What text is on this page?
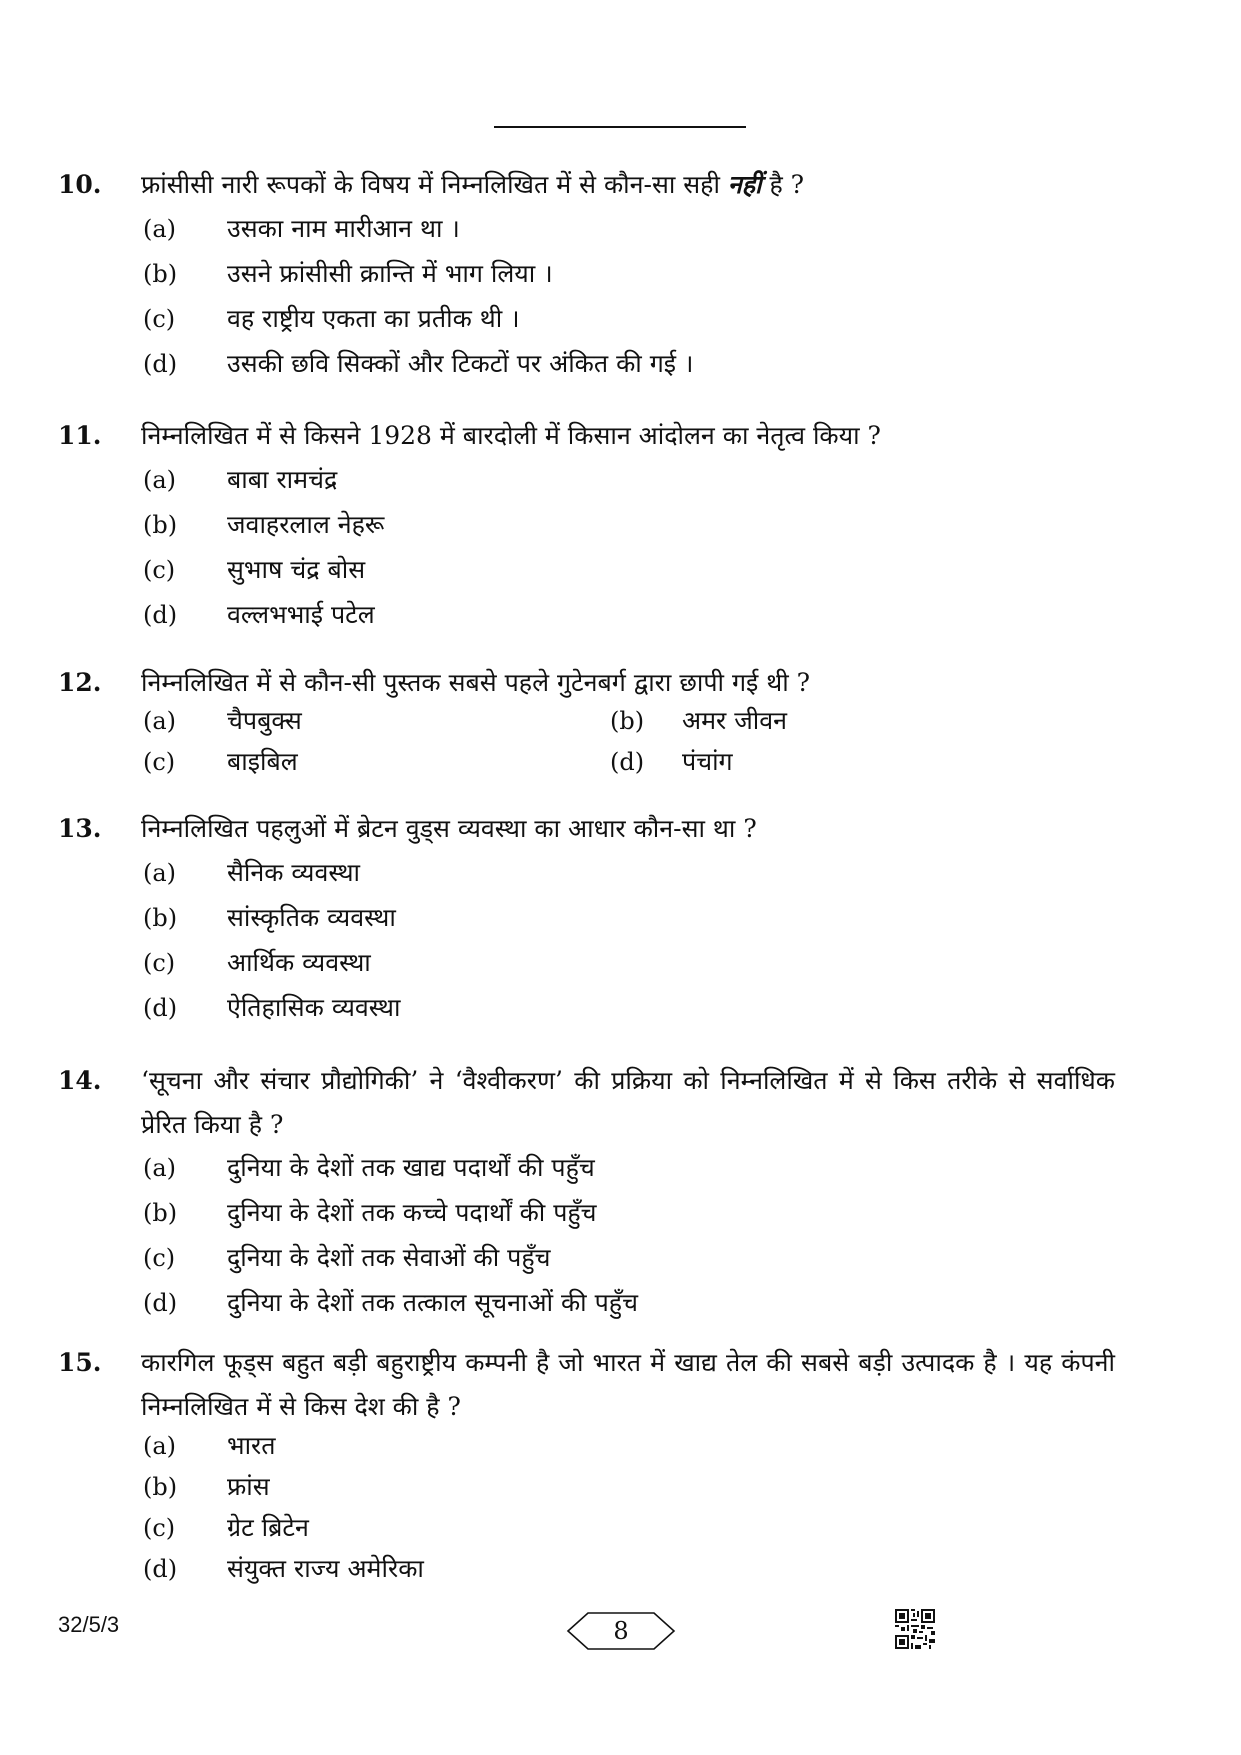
10. फ्रांसीसी नारी रूपकों के विषय में निम्नलिखित में से कौन-सा सही नहीं है ?
(a) उसका नाम मारीआन था ।
(b) उसने फ्रांसीसी क्रान्ति में भाग लिया ।
(c) वह राष्ट्रीय एकता का प्रतीक थी ।
(d) उसकी छवि सिक्कों और टिकटों पर अंकित की गई ।
11. निम्नलिखित में से किसने 1928 में बारदोली में किसान आंदोलन का नेतृत्व किया ?
(a) बाबा रामचंद्र
(b) जवाहरलाल नेहरू
(c) सुभाष चंद्र बोस
(d) वल्लभभाई पटेल
12. निम्नलिखित में से कौन-सी पुस्तक सबसे पहले गुटेनबर्ग द्वारा छापी गई थी ?
(a) चैपबुक्स	(b) अमर जीवन
(c) बाइबिल	(d) पंचांग
13. निम्नलिखित पहलुओं में ब्रेटन वुड्स व्यवस्था का आधार कौन-सा था ?
(a) सैनिक व्यवस्था
(b) सांस्कृतिक व्यवस्था
(c) आर्थिक व्यवस्था
(d) ऐतिहासिक व्यवस्था
14. ‘सूचना और संचार प्रौद्योगिकी’ ने ‘वैश्वीकरण’ की प्रक्रिया को निम्नलिखित में से किस तरीके से सर्वाधिक प्रेरित किया है ?
(a) दुनिया के देशों तक खाद्य पदार्थों की पहुँच
(b) दुनिया के देशों तक कच्चे पदार्थों की पहुँच
(c) दुनिया के देशों तक सेवाओं की पहुँच
(d) दुनिया के देशों तक तत्काल सूचनाओं की पहुँच
15. कारगिल फूड्स बहुत बड़ी बहुराष्ट्रीय कम्पनी है जो भारत में खाद्य तेल की सबसे बड़ी उत्पादक है । यह कंपनी निम्नलिखित में से किस देश की है ?
(a) भारत
(b) फ्रांस
(c) ग्रेट ब्रिटेन
(d) संयुक्त राज्य अमेरिका
32/5/3	8
